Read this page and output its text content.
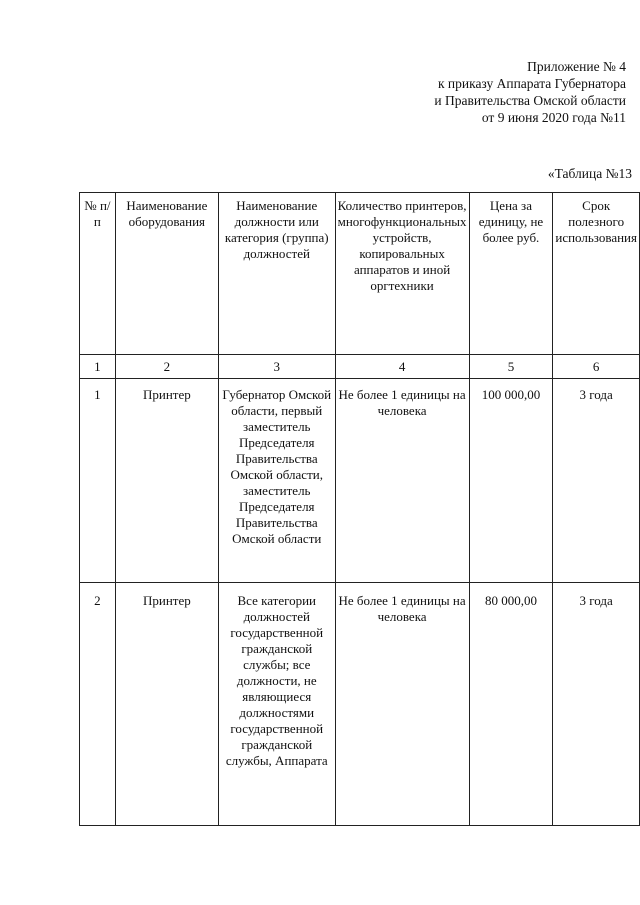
Приложение № 4
к приказу Аппарата Губернатора
и Правительства Омской области
от 9 июня 2020 года №11
«Таблица №13
№ п/п	Наименование оборудования	Наименование должности или категория (группа) должностей	Количество принтеров, многофункциональных устройств, копировальных аппаратов и иной оргтехники	Цена за единицу, не более руб.	Срок полезного использования
1	2	3	4	5	6
1	Принтер	Губернатор Омской области, первый заместитель Председателя Правительства Омской области, заместитель Председателя Правительства Омской области	Не более 1 единицы на человека	100 000,00	3 года
2	Принтер	Все категории должностей государственной гражданской службы; все должности, не являющиеся должностями государственной гражданской службы, Аппарата	Не более 1 единицы на человека	80 000,00	3 года
